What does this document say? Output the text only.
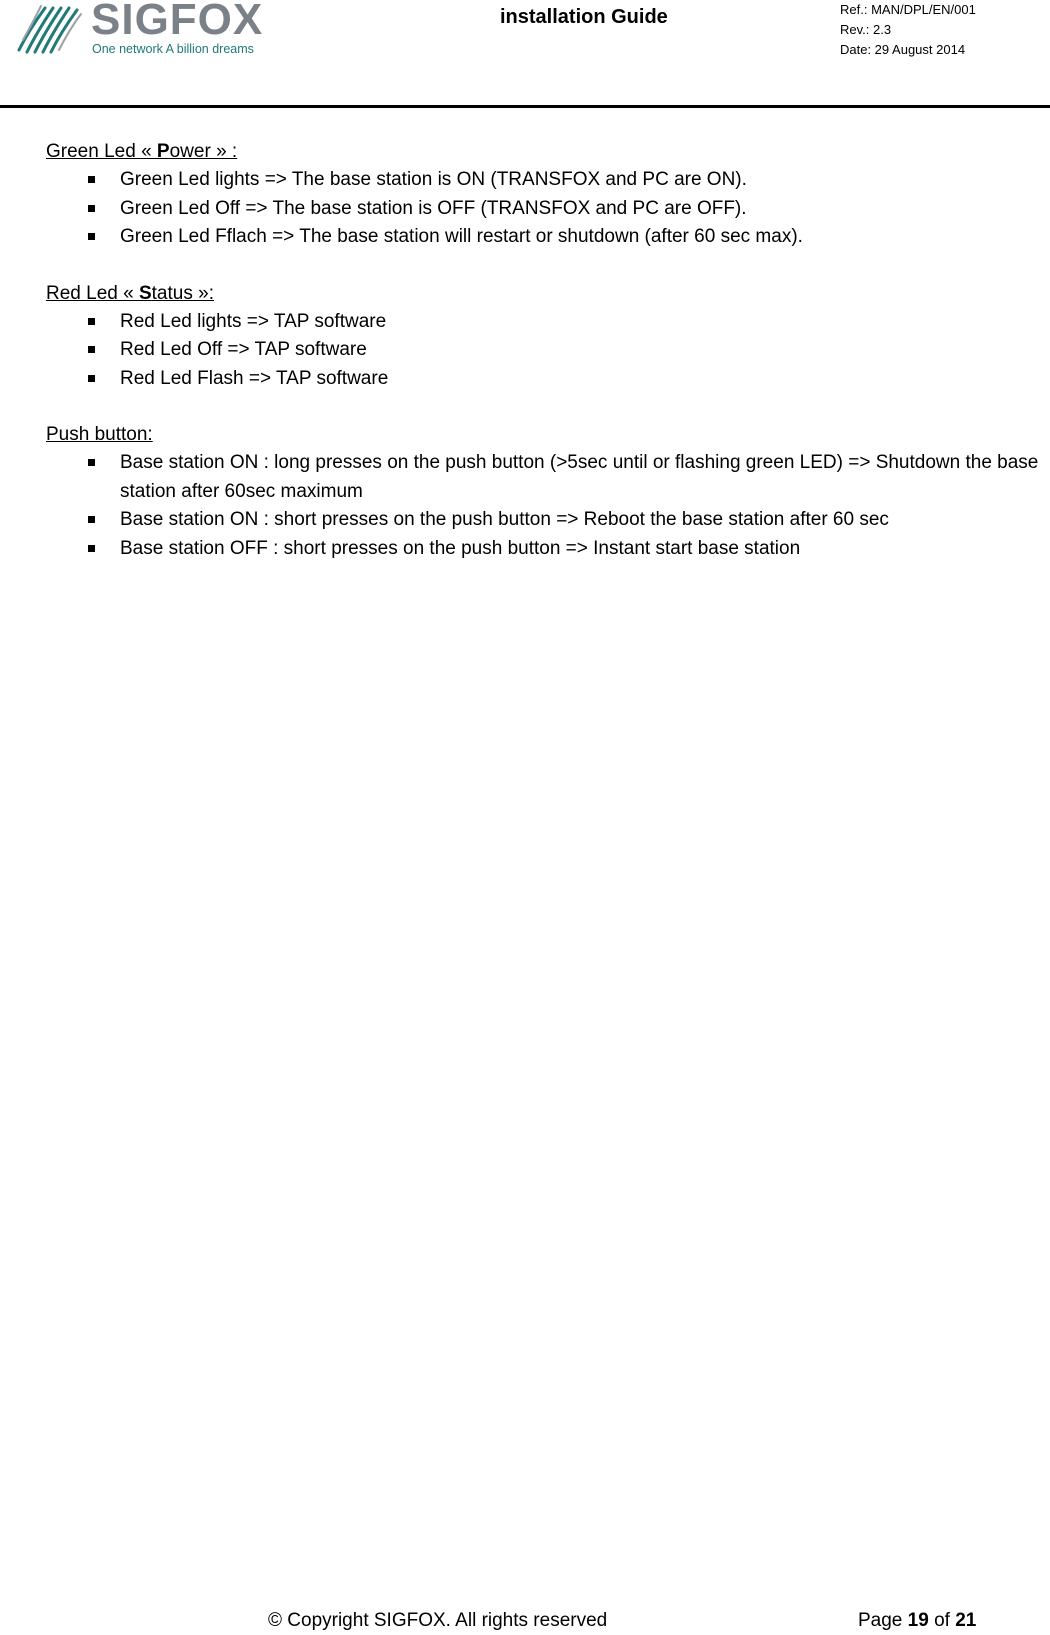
SIGFOX
One network A billion dreams
installation Guide	Ref.: MAN/DPL/EN/001
Rev.: 2.3
Date: 29 August 2014
Green Led « Power » :
Green Led lights => The base station is ON (TRANSFOX and PC are ON).
Green Led Off => The base station is OFF (TRANSFOX and PC are OFF).
Green Led Fflach => The base station will restart or shutdown (after 60 sec max).
Red Led « Status »:
Red Led lights => TAP software
Red Led Off => TAP software
Red Led Flash => TAP software
Push button:
Base station ON : long presses on the push button (>5sec until or flashing green LED) => Shutdown the base station after 60sec maximum
Base station ON : short presses on the push button => Reboot the base station after 60 sec
Base station OFF : short presses on the push button => Instant start base station
© Copyright SIGFOX. All rights reserved	Page 19 of 21
